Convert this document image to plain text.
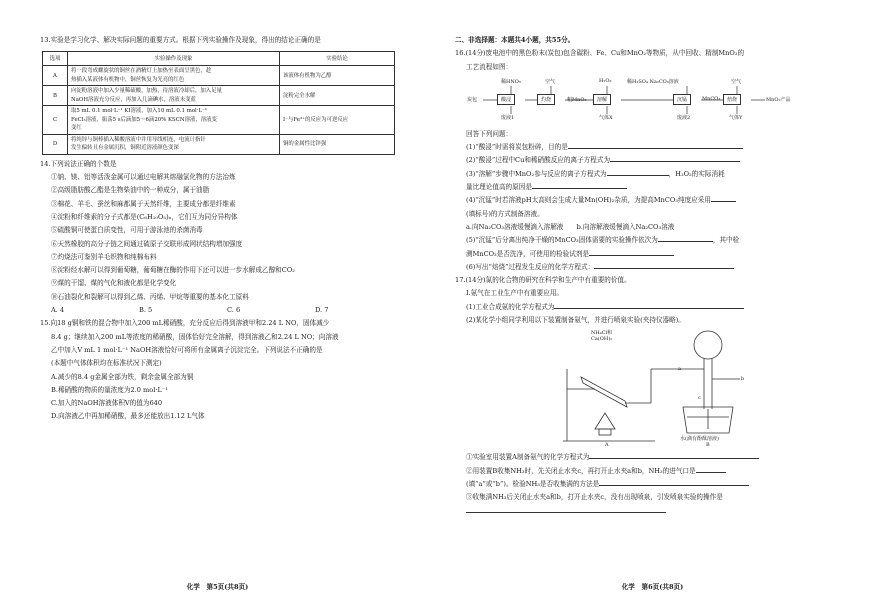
13.实验是学习化学、解决实际问题的重要方式。根据下列实验操作及现象，得出的结论正确的是
选项	实验操作及现象	实验结论
A	将一段弯成螺旋状的铜丝在酒精灯上加热至表面呈黑色，趁
热插入某液体有机物中，铜丝恢复为光亮的红色	该液体有机物为乙醇
B	向淀粉溶液中加入少量稀硫酸，加热，待溶液冷却后，加入足量
NaOH溶液充分反应，再加入几滴碘水，溶液未变蓝	淀粉完全水解
C	取5 mL 0.1 mol·L⁻¹ KI溶液，加入10 mL 0.1 mol·L⁻¹
FeCl₃溶液，振荡5 s后滴加5～6滴20% KSCN溶液，溶液变
变红	I⁻与Fe³⁺的反应为可逆反应
D	将纯锌与铜棒插入稀酸溶液中并用导线相连，电流计指针
发生偏转且有金属沉积，铜附近溶液颜色变深	铜的金属性比锌强
14.下列说法正确的个数是
①钠、镁、铝等活泼金属可以通过电解其熔融氯化物的方法冶炼
②高级脂肪酸乙酯是生物柴油中的一种成分，属于油脂
③棉花、羊毛、蚕丝和麻都属于天然纤维，主要成分都是纤维素
④淀粉和纤维素的分子式都是(C₆H₁₀O₅)ₙ，它们互为同分异构体
⑤硫酸铜可使蛋白质变性，可用于游泳池的杀菌消毒
⑥天然橡胶的高分子链之间通过硫原子交联形成网状结构增加强度
⑦灼烧法可鉴别羊毛织物和纯棉布料
⑧淀粉经水解可以得到葡萄糖，葡萄糖在酶的作用下还可以进一步水解成乙醇和CO₂
⑨煤的干馏、煤的气化和液化都是化学变化
⑩石油裂化和裂解可以得到乙烯、丙烯、甲烷等重要的基本化工原料
A. 4	B. 5	C. 6	D. 7
15.向18 g铜和铁的混合物中加入200 mL稀硝酸，充分反应后得到溶液甲和2.24 L NO，固体减少
8.4 g；继续加入200 mL等浓度的稀硝酸，固体恰好完全溶解，得到溶液乙和2.24 L NO；向溶液
乙中加入V mL 1 mol·L⁻¹ NaOH溶液恰好可将所有金属离子沉淀完全。下列说法不正确的是
(本题中气体体积均在标准状况下测定)
A.减少的8.4 g金属全部为铁，剩余金属全部为铜
B.稀硝酸的物质的量浓度为2.0 mol·L⁻¹
C.加入的NaOH溶液体积V的值为640
D.向溶液乙中再加稀硝酸，最多还能放出1.12 L气体
化学　第5页(共8页)
二、非选择题：本题共4小题，共55分。
16.(14分)废电池中的黑色粉末(炭包)包含碳粉、Fe、Cu和MnO₂等物质，从中回收、精制MnO₂的
工艺流程如图：
炭包	酸浸	灼烧	溶解	沉锰	焙烧	MnO₂产品
稀HNO₃	空气	H₂O₂	稀H₂SO₄ Na₂CO₃溶液	空气
粗MnO₂	MnCO₃
废液1	气体X	废液2	气体Y
回答下列问题：
(1)“酸浸”时需将炭包粉碎，目的是
(2)“酸浸”过程中Cu和稀硝酸反应的离子方程式为
(3)“溶解”步骤中MnO₂参与反应的离子方程式为	，H₂O₂的实际消耗
量比理论值高的原因是
(4)“沉锰”时若溶液pH太高则会生成大量Mn(OH)₂杂质，为提高MnCO₃纯度应采用
(填标号)的方式制备溶液。
a.向Na₂CO₃溶液缓慢滴入溶解液　　b.向溶解液缓慢滴入Na₂CO₃溶液
(5)“沉锰”后分离出纯净干燥的MnCO₃固体需要的实验操作依次为	，其中检
测MnCO₃是否洗净，可使用的检验试剂是
(6)写出“焙烧”过程发生反应的化学方程式：
17.(14分)氮的化合物的研究在科学和生产中有重要的价值。
Ⅰ.氨气在工业生产中有重要应用。
(1)工业合成氨的化学方程式为
(2)某化学小组同学利用以下装置制备氨气，并进行喷泉实验(夹持仪器略)。
NH₄Cl和
Ca(OH)₂
a
b
c
水(滴有酚酞溶液)
A	B
①实验室用装置A制备氨气的化学方程式为
②用装置B收集NH₃时，先关闭止水夹c，再打开止水夹a和b，NH₃的进气口是
(填“a”或“b”)。检验NH₃是否收集满的方法是
③收集满NH₃后关闭止水夹a和b，打开止水夹c，没有出现喷泉，引发喷泉实验的操作是
化学　第6页(共8页)
